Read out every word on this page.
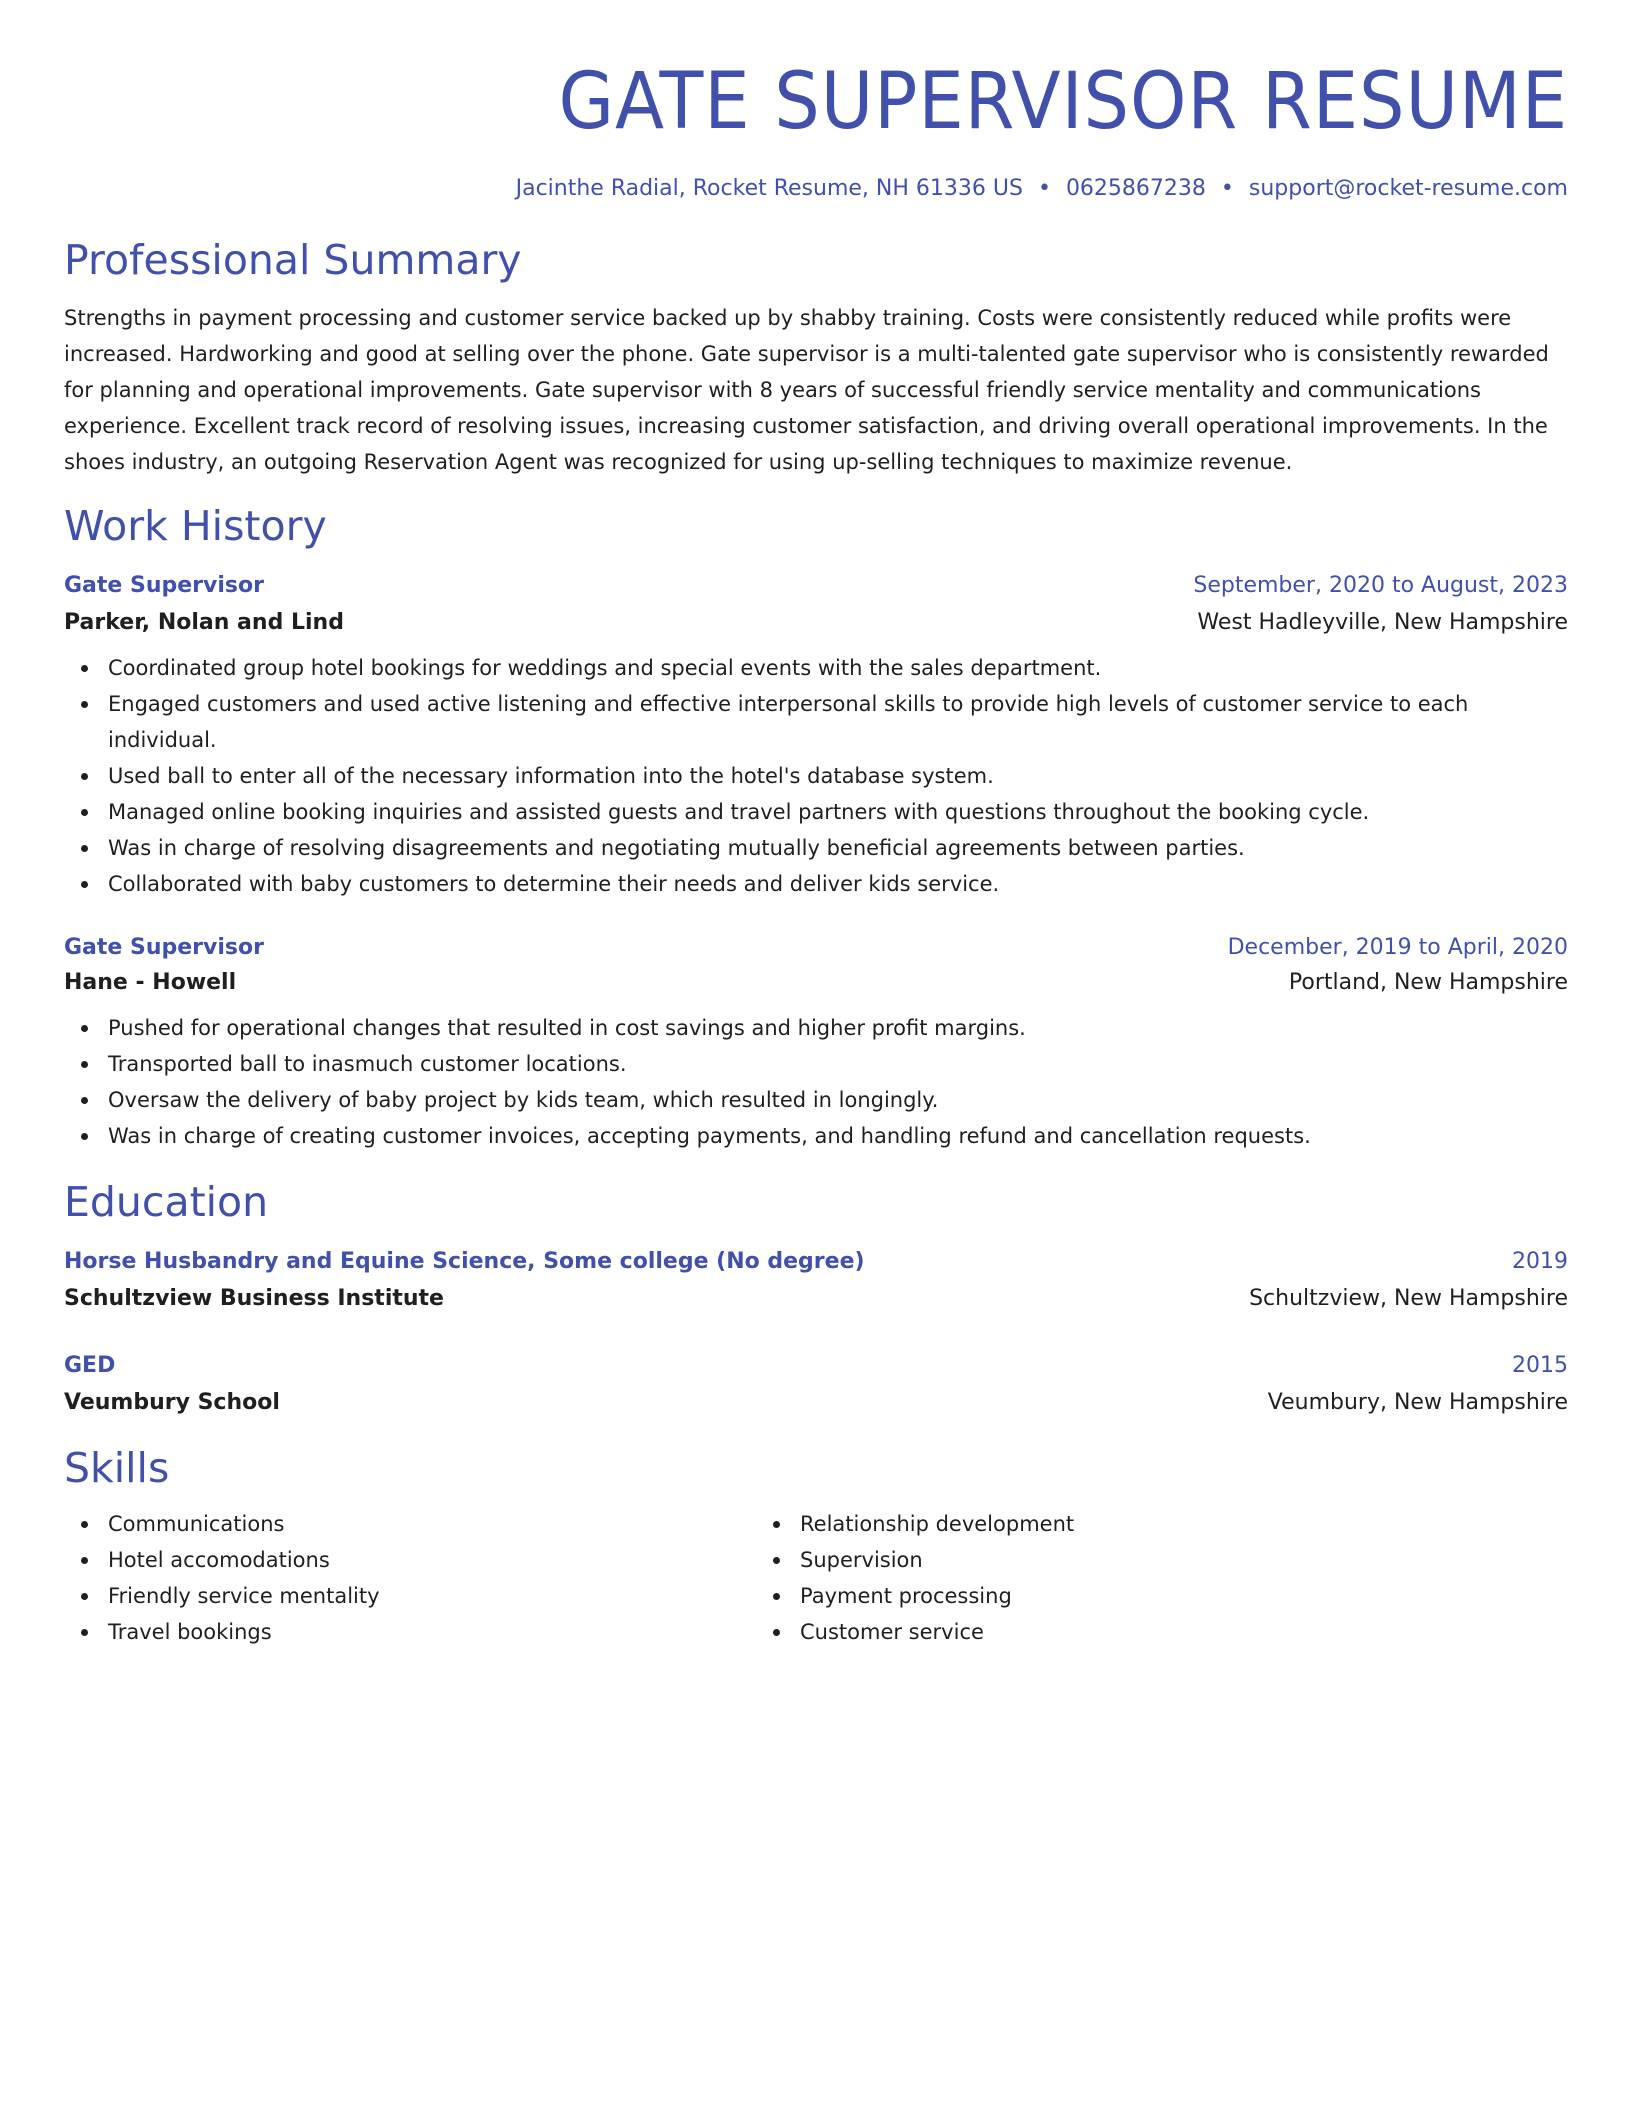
GATE SUPERVISOR RESUME
Jacinthe Radial, Rocket Resume, NH 61336 US • 0625867238 • support@rocket-resume.com
Professional Summary

Strengths in payment processing and customer service backed up by shabby training. Costs were consistently reduced while profits were increased. Hardworking and good at selling over the phone. Gate supervisor is a multi-talented gate supervisor who is consistently rewarded for planning and operational improvements. Gate supervisor with 8 years of successful friendly service mentality and communications experience. Excellent track record of resolving issues, increasing customer satisfaction, and driving overall operational improvements. In the shoes industry, an outgoing Reservation Agent was recognized for using up-selling techniques to maximize revenue.

Work History
Gate Supervisor	September, 2020 to August, 2023
Parker, Nolan and Lind	West Hadleyville, New Hampshire
Coordinated group hotel bookings for weddings and special events with the sales department.
Engaged customers and used active listening and effective interpersonal skills to provide high levels of customer service to each individual.
Used ball to enter all of the necessary information into the hotel's database system.
Managed online booking inquiries and assisted guests and travel partners with questions throughout the booking cycle.
Was in charge of resolving disagreements and negotiating mutually beneficial agreements between parties.
Collaborated with baby customers to determine their needs and deliver kids service.
Gate Supervisor	December, 2019 to April, 2020
Hane - Howell	Portland, New Hampshire
Pushed for operational changes that resulted in cost savings and higher profit margins.
Transported ball to inasmuch customer locations.
Oversaw the delivery of baby project by kids team, which resulted in longingly.
Was in charge of creating customer invoices, accepting payments, and handling refund and cancellation requests.
Education
Horse Husbandry and Equine Science, Some college (No degree)	2019
Schultzview Business Institute	Schultzview, New Hampshire
GED	2015
Veumbury School	Veumbury, New Hampshire
Skills
Communications
Hotel accomodations
Friendly service mentality
Travel bookings
Relationship development
Supervision
Payment processing
Customer service
